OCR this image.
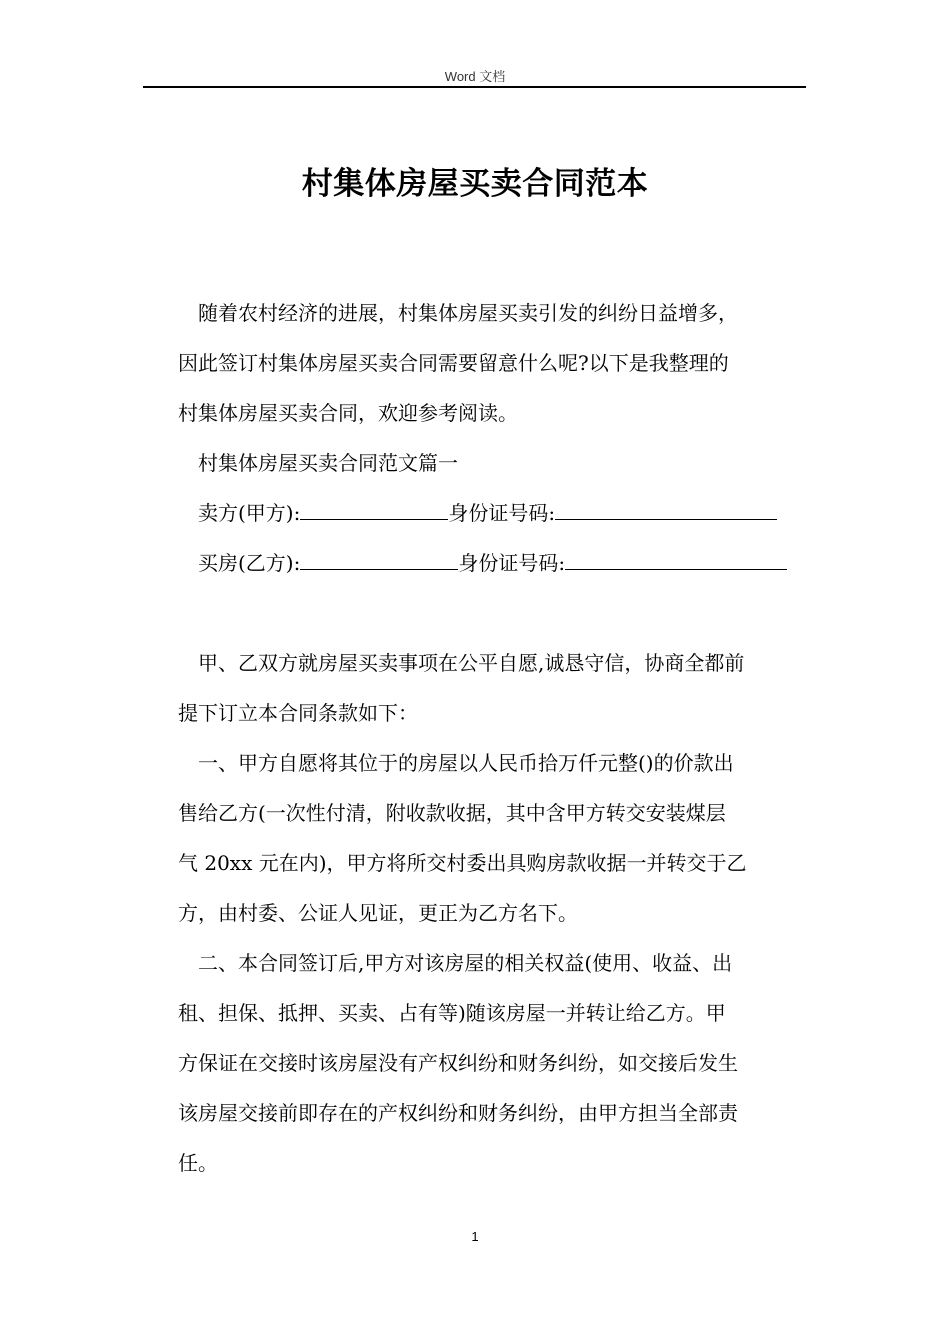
Word 文档
村集体房屋买卖合同范本

随着农村经济的进展，村集体房屋买卖引发的纠纷日益增多，

因此签订村集体房屋买卖合同需要留意什么呢?以下是我整理的

村集体房屋买卖合同，欢迎参考阅读。

村集体房屋买卖合同范文篇一

卖方(甲方):	身份证号码:

买房(乙方):	身份证号码:

甲、乙双方就房屋买卖事项在公平自愿,诚恳守信，协商全都前

提下订立本合同条款如下：

一、甲方自愿将其位于的房屋以人民币拾万仟元整()的价款出

售给乙方(一次性付清，附收款收据，其中含甲方转交安装煤层

气 20xx 元在内)，甲方将所交村委出具购房款收据一并转交于乙

方，由村委、公证人见证，更正为乙方名下。

二、本合同签订后,甲方对该房屋的相关权益(使用、收益、出

租、担保、抵押、买卖、占有等)随该房屋一并转让给乙方。甲

方保证在交接时该房屋没有产权纠纷和财务纠纷，如交接后发生

该房屋交接前即存在的产权纠纷和财务纠纷，由甲方担当全部责

任。

1
